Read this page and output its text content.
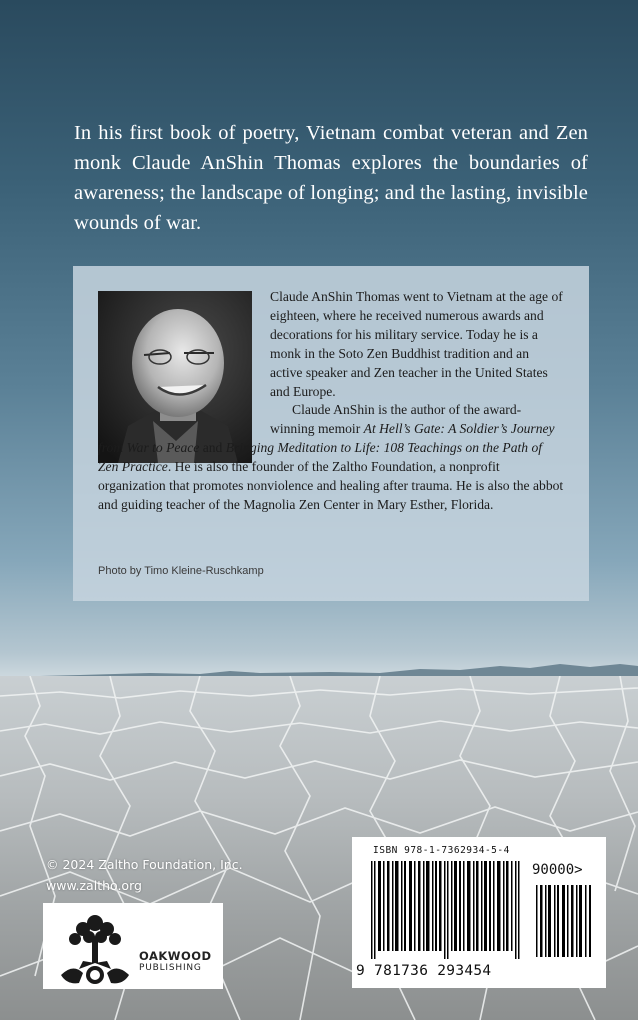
In his first book of poetry, Vietnam combat veteran and Zen monk Claude AnShin Thomas explores the boundaries of awareness; the landscape of longing; and the lasting, invisible wounds of war.

Claude AnShin Thomas went to Vietnam at the age of eighteen, where he received numerous awards and decorations for his military service. Today he is a monk in the Soto Zen Buddhist tradition and an active speaker and Zen teacher in the United States and Europe.
Claude AnShin is the author of the award-winning memoir At Hell’s Gate: A Soldier’s Journey from War to Peace and Bringing Meditation to Life: 108 Teachings on the Path of Zen Practice. He is also the founder of the Zaltho Foundation, a nonprofit organization that promotes nonviolence and healing after trauma. He is also the abbot and guiding teacher of the Magnolia Zen Center in Mary Esther, Florida.
Photo by Timo Kleine-Ruschkamp
© 2024 Zaltho Foundation, Inc.
www.zaltho.org
OAKWOOD
PUBLISHING
ISBN 978-1-7362934-5-4
90000>
9 781736 293454
